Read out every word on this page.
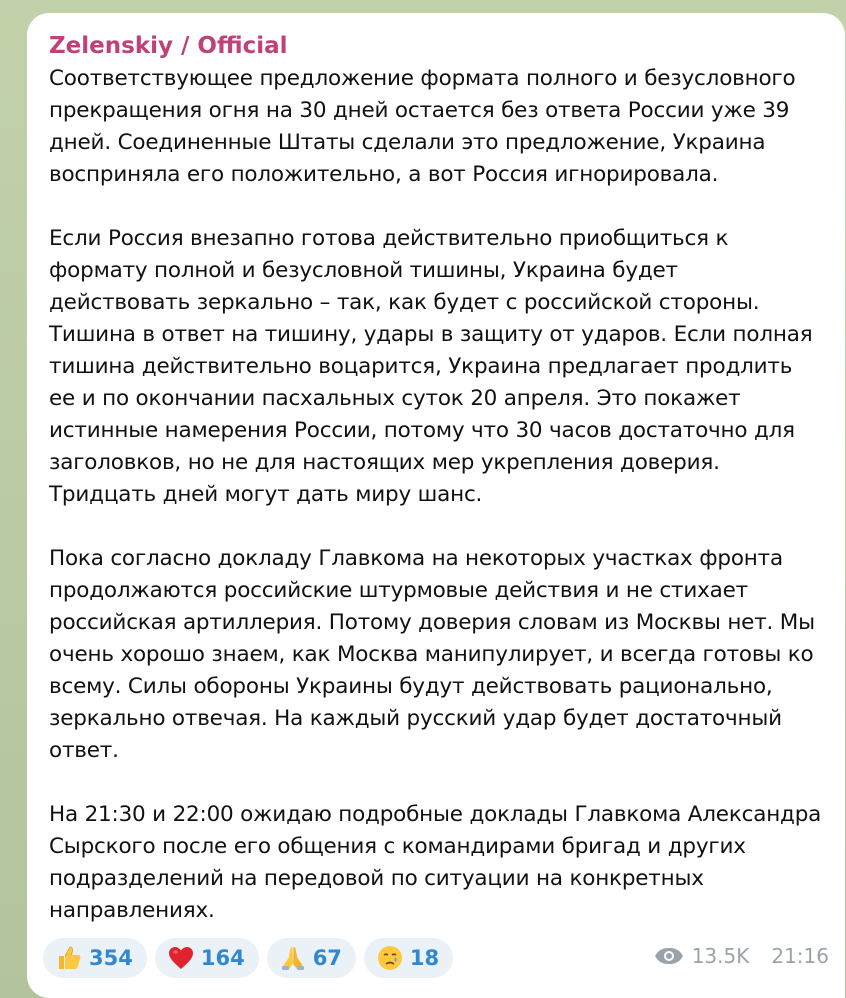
Zelenskiy / Official

Соответствующее предложение формата полного и безусловного прекращения огня на 30 дней остается без ответа России уже 39 дней. Соединенные Штаты сделали это предложение, Украина восприняла его положительно, а вот Россия игнорировала.

Если Россия внезапно готова действительно приобщиться к формату полной и безусловной тишины, Украина будет действовать зеркально – так, как будет с российской стороны. Тишина в ответ на тишину, удары в защиту от ударов. Если полная тишина действительно воцарится, Украина предлагает продлить ее и по окончании пасхальных суток 20 апреля. Это покажет истинные намерения России, потому что 30 часов достаточно для заголовков, но не для настоящих мер укрепления доверия. Тридцать дней могут дать миру шанс.

Пока согласно докладу Главкома на некоторых участках фронта продолжаются российские штурмовые действия и не стихает российская артиллерия. Потому доверия словам из Москвы нет. Мы очень хорошо знаем, как Москва манипулирует, и всегда готовы ко всему. Силы обороны Украины будут действовать рационально, зеркально отвечая. На каждый русский удар будет достаточный ответ.

На 21:30 и 22:00 ожидаю подробные доклады Главкома Александра Сырского после его общения с командирами бригад и других подразделений на передовой по ситуации на конкретных направлениях.

354	164	67	18	13.5K 21:16
